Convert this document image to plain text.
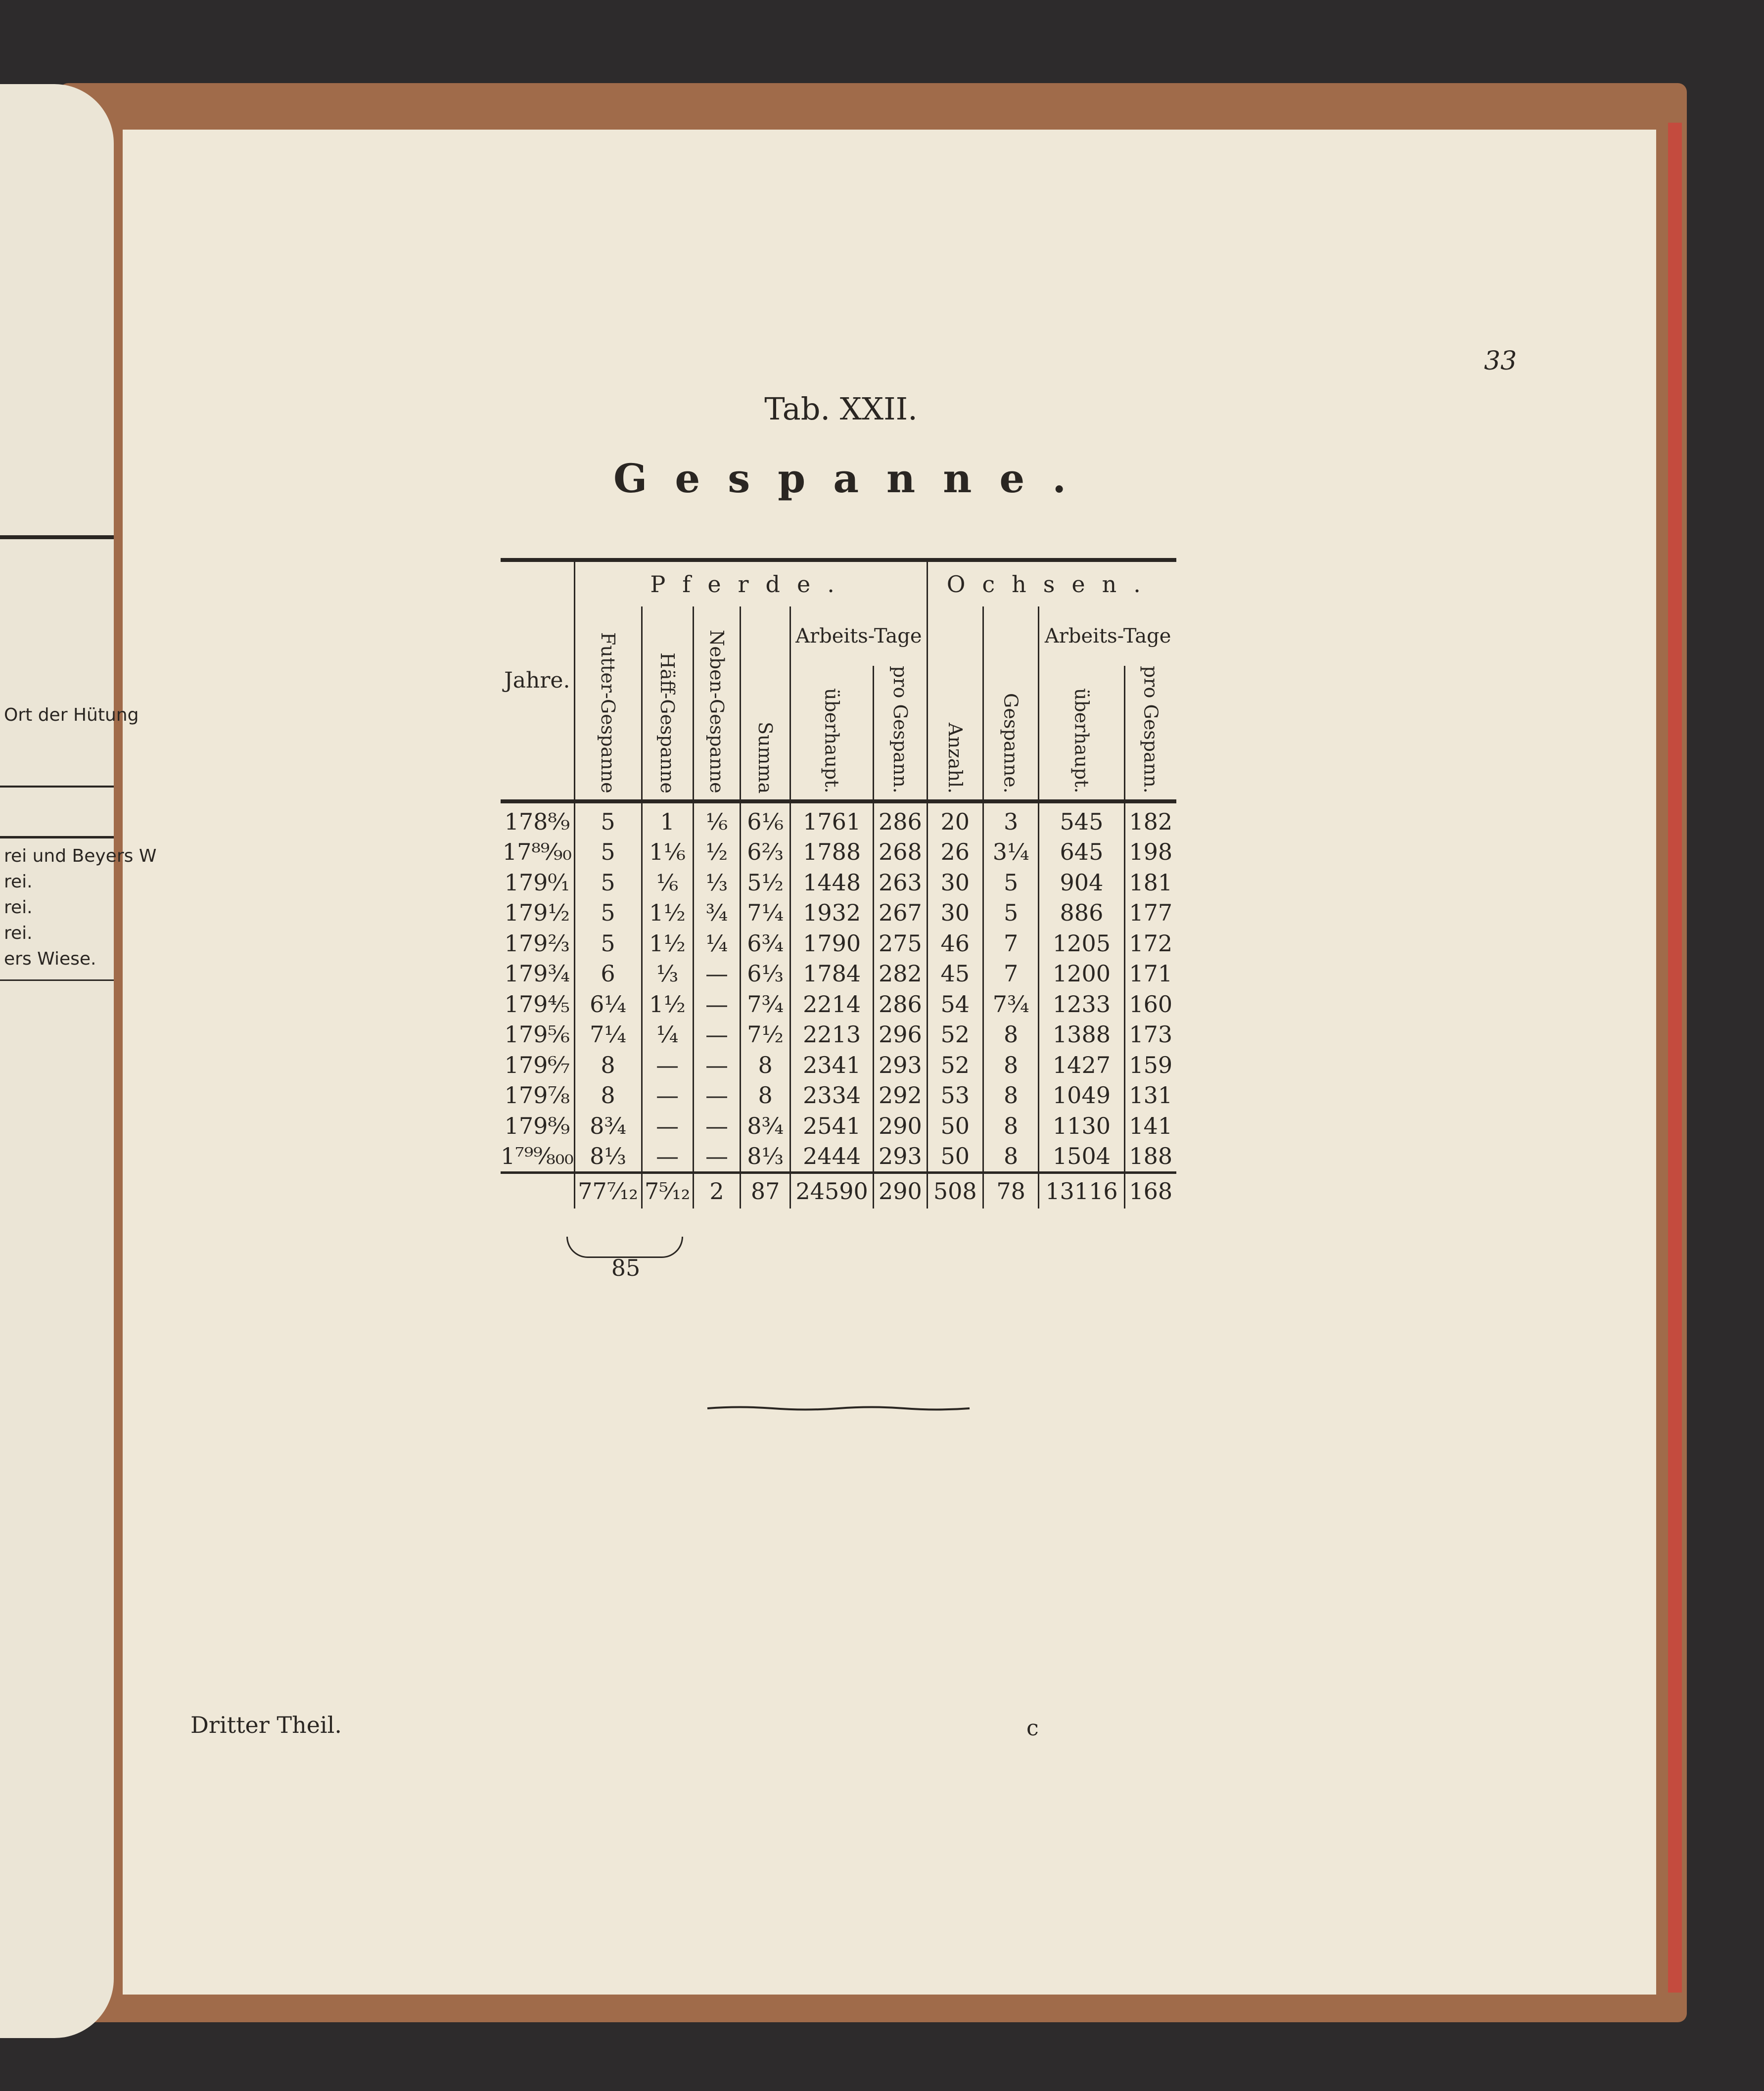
Ort der Hütung
rei und Beyers W
rei.
rei.
rei.
ers Wiese.
33
Tab. XXII.
Gespanne.
Jahre.	Pferde.						Ochsen.			
	Futter-Gespanne	Häff-Gespanne	Neben-Gespanne	Summa	Arbeits-Tage		Anzahl.	Gespanne.	Arbeits-Tage	
					überhaupt.	pro Gespann.			überhaupt.	pro Gespann.

178⁸⁄₉	5	1	⅙	6⅙	1761	286	20	3	545	182
17⁸⁹⁄₉₀	5	1⅙	½	6⅔	1788	268	26	3¼	645	198
179⁰⁄₁	5	⅙	⅓	5½	1448	263	30	5	904	181
179¹⁄₂	5	1½	¾	7¼	1932	267	30	5	886	177
179²⁄₃	5	1½	¼	6¾	1790	275	46	7	1205	172
179³⁄₄	6	⅓	—	6⅓	1784	282	45	7	1200	171
179⁴⁄₅	6¼	1½	—	7¾	2214	286	54	7¾	1233	160
179⁵⁄₆	7¼	¼	—	7½	2213	296	52	8	1388	173
179⁶⁄₇	8	—	—	8	2341	293	52	8	1427	159
179⁷⁄₈	8	—	—	8	2334	292	53	8	1049	131
179⁸⁄₉	8¾	—	—	8¾	2541	290	50	8	1130	141
1⁷⁹⁹⁄₈₀₀	8⅓	—	—	8⅓	2444	293	50	8	1504	188
	77⁷⁄₁₂	7⁵⁄₁₂	2	87	24590	290	508	78	13116	168
85
Dritter Theil.	c
